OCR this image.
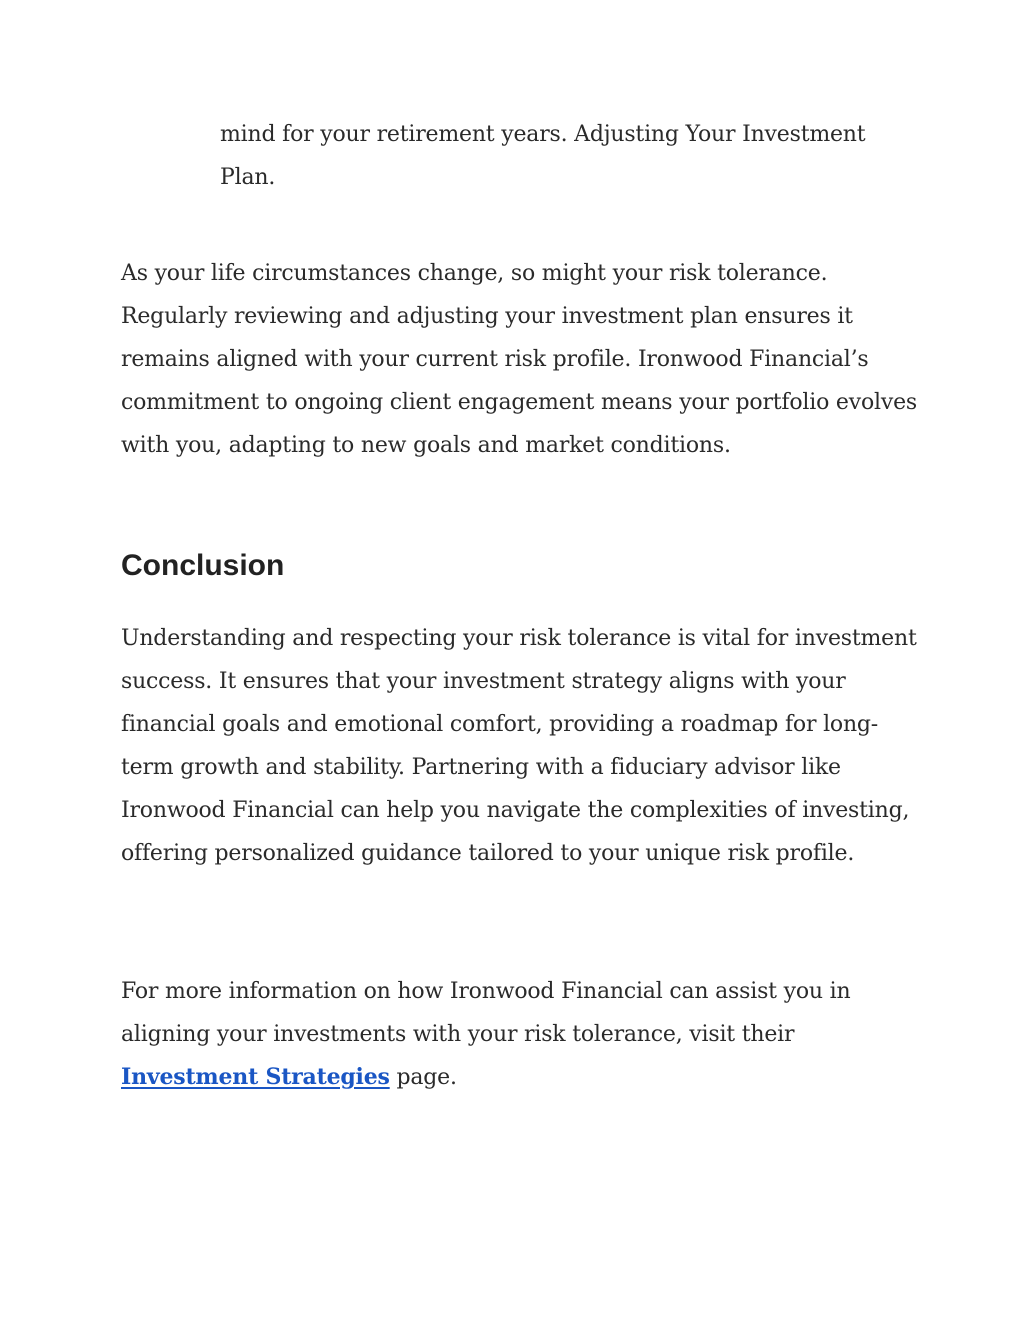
mind for your retirement years. Adjusting Your Investment Plan.

As your life circumstances change, so might your risk tolerance. Regularly reviewing and adjusting your investment plan ensures it remains aligned with your current risk profile. Ironwood Financial’s commitment to ongoing client engagement means your portfolio evolves with you, adapting to new goals and market conditions.

Conclusion

Understanding and respecting your risk tolerance is vital for investment success. It ensures that your investment strategy aligns with your financial goals and emotional comfort, providing a roadmap for long-term growth and stability. Partnering with a fiduciary advisor like Ironwood Financial can help you navigate the complexities of investing, offering personalized guidance tailored to your unique risk profile.

For more information on how Ironwood Financial can assist you in aligning your investments with your risk tolerance, visit their
Investment Strategies page.
